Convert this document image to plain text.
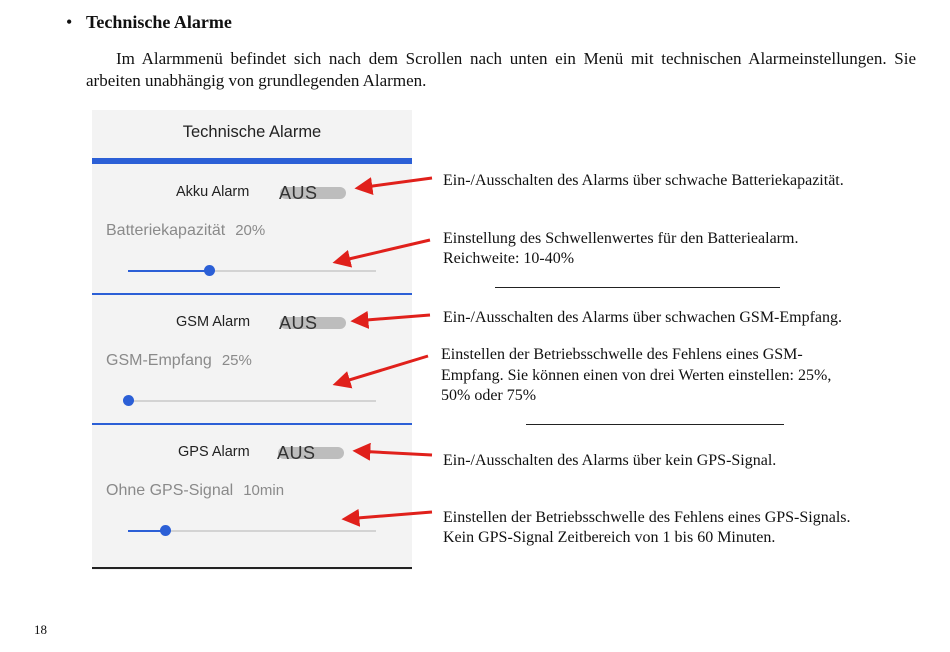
• Technische Alarme

Im Alarmmenü befindet sich nach dem Scrollen nach unten ein Menü mit technischen Alarmeinstellungen. Sie arbeiten unabhängig von grundlegenden Alarmen.

Technische Alarme
Akku Alarm AUS
Batteriekapazität 20%
GSM Alarm AUS
GSM-Empfang 25%
GPS Alarm AUS
Ohne GPS-Signal 10min
Ein-/Ausschalten des Alarms über schwache Batteriekapazität.
Einstellung des Schwellenwertes für den Batteriealarm.
Reichweite: 10-40%
Ein-/Ausschalten des Alarms über schwachen GSM-Empfang.
Einstellen der Betriebsschwelle des Fehlens eines GSM-
Empfang. Sie können einen von drei Werten einstellen: 25%,
50% oder 75%
Ein-/Ausschalten des Alarms über kein GPS-Signal.
Einstellen der Betriebsschwelle des Fehlens eines GPS-Signals.
Kein GPS-Signal Zeitbereich von 1 bis 60 Minuten.
18
